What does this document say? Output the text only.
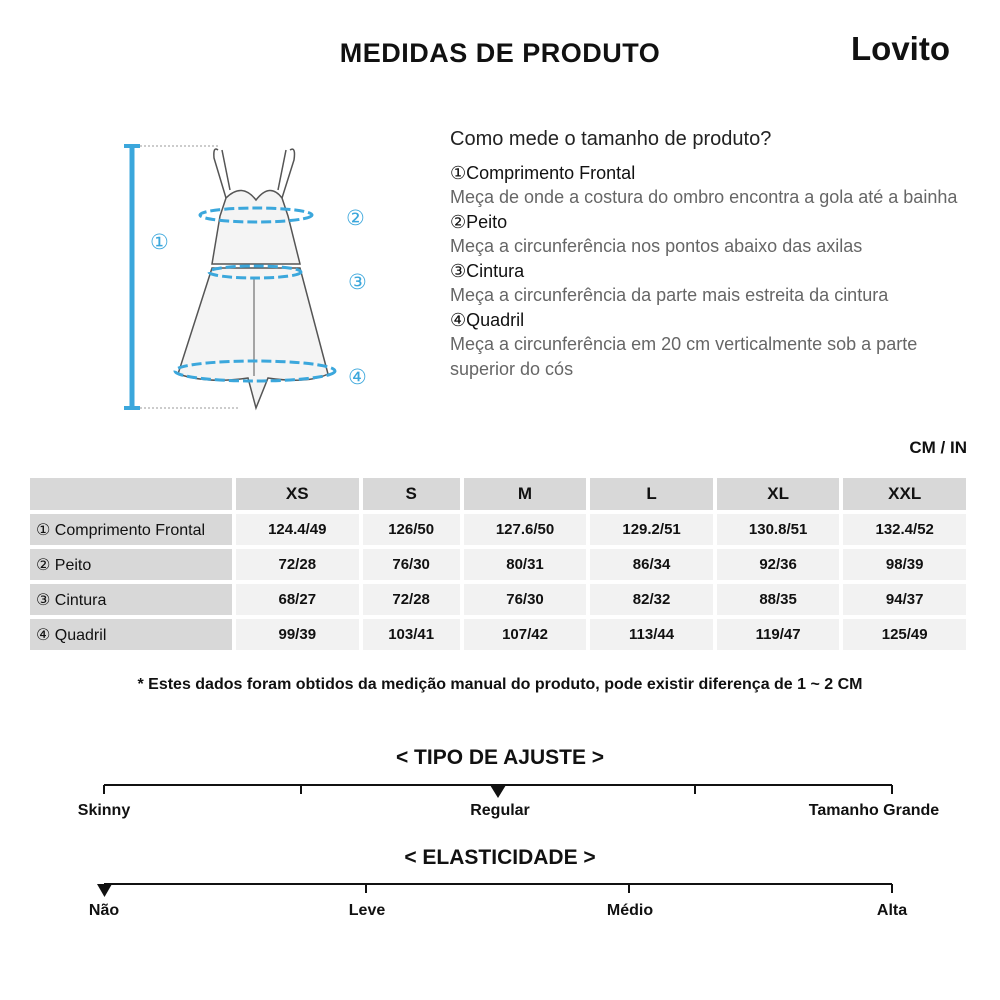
MEDIDAS DE PRODUTO	Lovito
①
②
③
④
Como mede o tamanho de produto?
①Comprimento Frontal
Meça de onde a costura do ombro encontra a gola até a bainha
②Peito
Meça a circunferência nos pontos abaixo das axilas
③Cintura
Meça a circunferência da parte mais estreita da cintura
④Quadril
Meça a circunferência em 20 cm verticalmente sob a parte superior do cós
CM / IN
	XS	S	M	L	XL	XXL
① Comprimento Frontal	124.4/49	126/50	127.6/50	129.2/51	130.8/51	132.4/52
② Peito	72/28	76/30	80/31	86/34	92/36	98/39
③ Cintura	68/27	72/28	76/30	82/32	88/35	94/37
④ Quadril	99/39	103/41	107/42	113/44	119/47	125/49
* Estes dados foram obtidos da medição manual do produto, pode existir diferença de 1 ~ 2 CM
< TIPO DE AJUSTE >
Skinny	Regular	Tamanho Grande
< ELASTICIDADE >
Não	Leve	Médio	Alta
